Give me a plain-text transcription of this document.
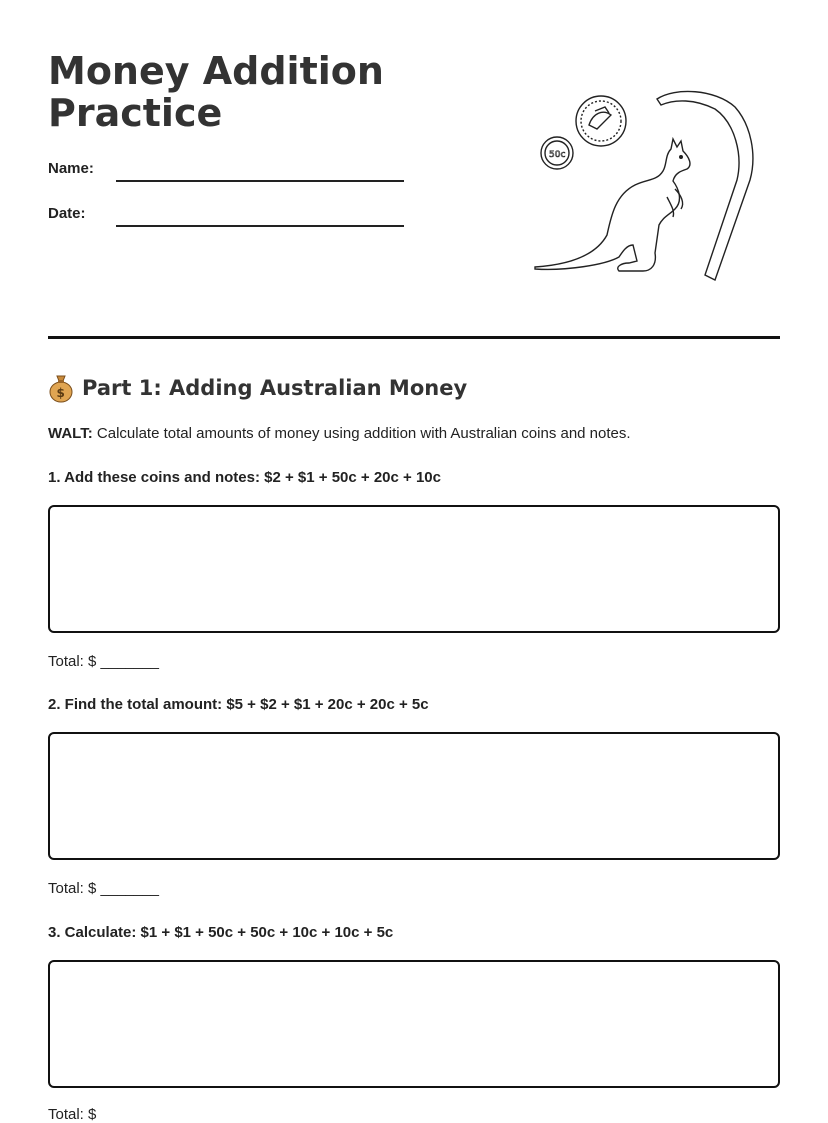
Money Addition
Practice
Name:
Date:
50c
$ Part 1: Adding Australian Money
WALT: Calculate total amounts of money using addition with Australian coins and notes.
1. Add these coins and notes: $2 + $1 + 50c + 20c + 10c
Total: $ _______
2. Find the total amount: $5 + $2 + $1 + 20c + 20c + 5c
Total: $ _______
3. Calculate: $1 + $1 + 50c + 50c + 10c + 10c + 5c
Total: $
